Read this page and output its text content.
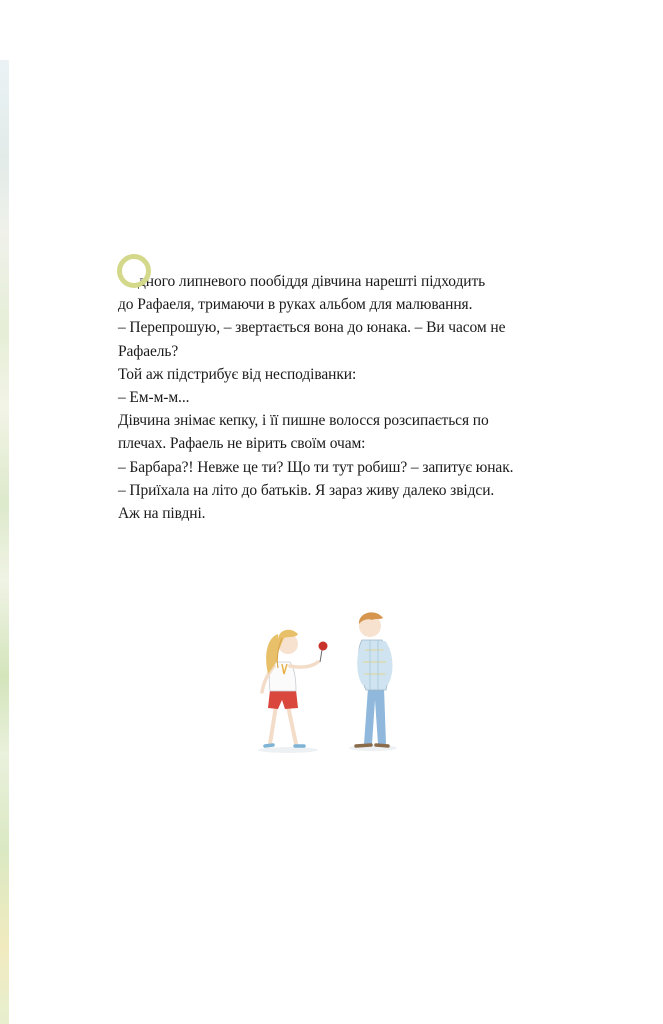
дного липневого пообіддя дівчина нарешті підходить

до Рафаеля, тримаючи в руках альбом для малювання.

– Перепрошую, – звертається вона до юнака. – Ви часом не

Рафаель?

Той аж підстрибує від несподіванки:

– Ем-м-м...

Дівчина знімає кепку, і її пишне волосся розсипається по

плечах. Рафаель не вірить своїм очам:

– Барбара?! Невже це ти? Що ти тут робиш? – запитує юнак.

– Приїхала на літо до батьків. Я зараз живу далеко звідси.

Аж на півдні.
